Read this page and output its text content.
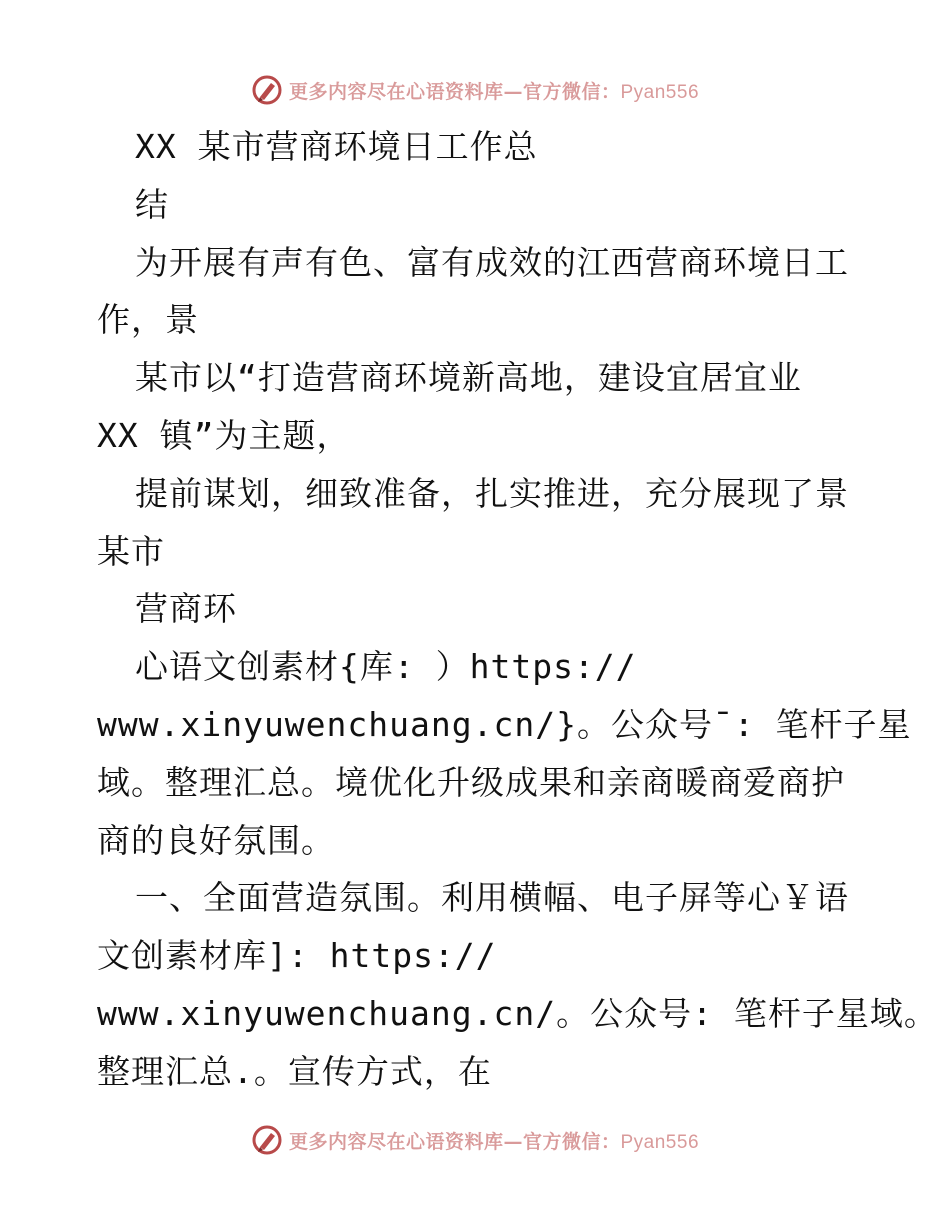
更多内容尽在心语资料库—官方微信：Pyan556
XX 某市营商环境日工作总
结
为开展有声有色、富有成效的江西营商环境日工
作，景
某市以“打造营商环境新高地，建设宜居宜业
XX 镇”为主题，
提前谋划，细致准备，扎实推进，充分展现了景
某市
营商环
心语文创素材{库: ）https://
www.xinyuwenchuang.cn/}。公众号¯: 笔杆子星
域。整理汇总。境优化升级成果和亲商暖商爱商护
商的良好氛围。
一、全面营造氛围。利用横幅、电子屏等心￥语
文创素材库]: https://
www.xinyuwenchuang.cn/。公众号: 笔杆子星域。
整理汇总.。宣传方式，在
更多内容尽在心语资料库—官方微信：Pyan556
